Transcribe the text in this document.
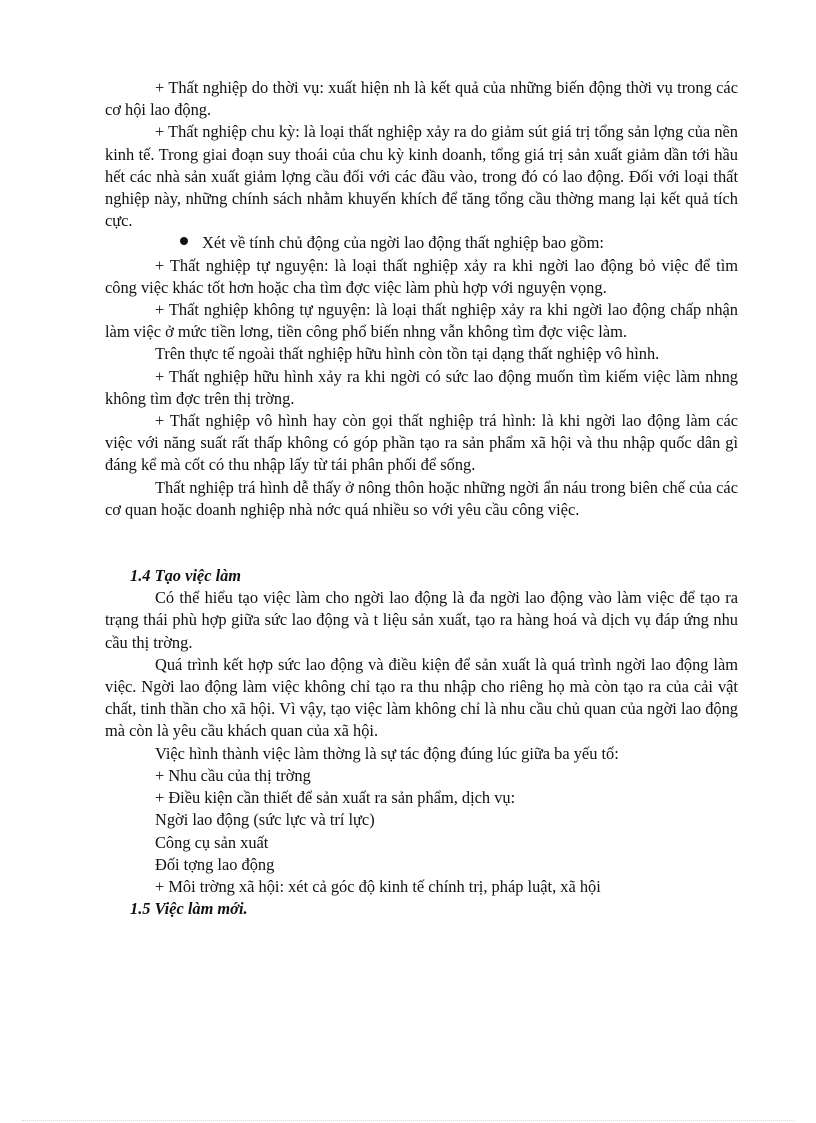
+ Thất nghiệp do thời vụ: xuất hiện nh là kết quả của những biến động thời vụ trong các cơ hội lao động.

+ Thất nghiệp chu kỳ: là loại thất nghiệp xảy ra do giảm sút giá trị tổng sản lợng của nền kinh tế. Trong giai đoạn suy thoái của chu kỳ kinh doanh, tổng giá trị sản xuất giảm dần tới hầu hết các nhà sản xuất giảm lợng cầu đối với các đầu vào, trong đó có lao động. Đối với loại thất nghiệp này, những chính sách nhằm khuyến khích để tăng tổng cầu thờng mang lại kết quả tích cực.

Xét về tính chủ động của ngời lao động thất nghiệp bao gồm:

+ Thất nghiệp tự nguyện: là loại thất nghiệp xảy ra khi ngời lao động bỏ việc để tìm công việc khác tốt hơn hoặc cha tìm đợc việc làm phù hợp với nguyện vọng.

+ Thất nghiệp không tự nguyện: là loại thất nghiệp xảy ra khi ngời lao động chấp nhận làm việc ở mức tiền lơng, tiền công phổ biến nhng vẫn không tìm đợc việc làm.

Trên thực tế ngoài thất nghiệp hữu hình còn tồn tại dạng thất nghiệp vô hình.

+ Thất nghiệp hữu hình xảy ra khi ngời có sức lao động muốn tìm kiếm việc làm nhng không tìm đợc trên thị trờng.

+ Thất nghiệp vô hình hay còn gọi thất nghiệp trá hình: là khi ngời lao động làm các việc với năng suất rất thấp không có góp phần tạo ra sản phẩm xã hội và thu nhập quốc dân gì đáng kể mà cốt có thu nhập lấy từ tái phân phối để sống.

Thất nghiệp trá hình dễ thấy ở nông thôn hoặc những ngời ẩn náu trong biên chế của các cơ quan hoặc doanh nghiệp nhà nớc quá nhiều so với yêu cầu công việc.

1.4 Tạo việc làm

Có thể hiểu tạo việc làm cho ngời lao động là đa ngời lao động vào làm việc để tạo ra trạng thái phù hợp giữa sức lao động và t liệu sản xuất, tạo ra hàng hoá và dịch vụ đáp ứng nhu cầu thị trờng.

Quá trình kết hợp sức lao động và điều kiện để sản xuất là quá trình ngời lao động làm việc. Ngời lao động làm việc không chỉ tạo ra thu nhập cho riêng họ mà còn tạo ra của cải vật chất, tinh thần cho xã hội. Vì vậy, tạo việc làm không chỉ là nhu cầu chủ quan của ngời lao động mà còn là yêu cầu khách quan của xã hội.

Việc hình thành việc làm thờng là sự tác động đúng lúc giữa ba yếu tố:

+ Nhu cầu của thị trờng

+ Điều kiện cần thiết để sản xuất ra sản phẩm, dịch vụ:

Ngời lao động (sức lực và trí lực)

Công cụ sản xuất

Đối tợng lao động

+ Môi trờng xã hội: xét cả góc độ kinh tế chính trị, pháp luật, xã hội

1.5 Việc làm mới.
